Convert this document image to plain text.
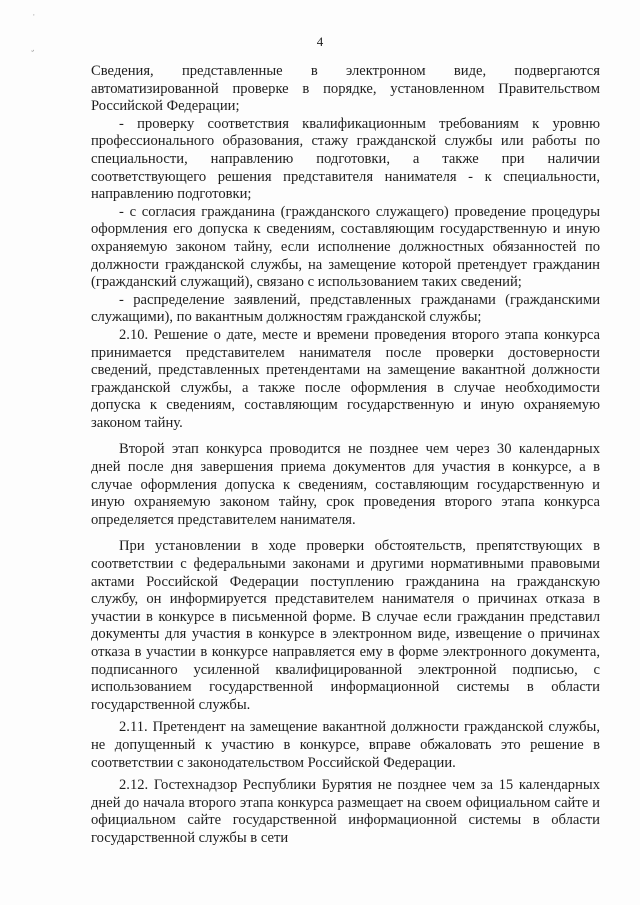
˙
˘
4

Сведения, представленные в электронном виде, подвергаются автоматизированной проверке в порядке, установленном Правительством Российской Федерации;

- проверку соответствия квалификационным требованиям к уровню профессионального образования, стажу гражданской службы или работы по специальности, направлению подготовки, а также при наличии соответствующего решения представителя нанимателя - к специальности, направлению подготовки;

- с согласия гражданина (гражданского служащего) проведение процедуры оформления его допуска к сведениям, составляющим государственную и иную охраняемую законом тайну, если исполнение должностных обязанностей по должности гражданской службы, на замещение которой претендует гражданин (гражданский служащий), связано с использованием таких сведений;

- распределение заявлений, представленных гражданами (гражданскими служащими), по вакантным должностям гражданской службы;

2.10. Решение о дате, месте и времени проведения второго этапа конкурса принимается представителем нанимателя после проверки достоверности сведений, представленных претендентами на замещение вакантной должности гражданской службы, а также после оформления в случае необходимости допуска к сведениям, составляющим государственную и иную охраняемую законом тайну.

Второй этап конкурса проводится не позднее чем через 30 календарных дней после дня завершения приема документов для участия в конкурсе, а в случае оформления допуска к сведениям, составляющим государственную и иную охраняемую законом тайну, срок проведения второго этапа конкурса определяется представителем нанимателя.

При установлении в ходе проверки обстоятельств, препятствующих в соответствии с федеральными законами и другими нормативными правовыми актами Российской Федерации поступлению гражданина на гражданскую службу, он информируется представителем нанимателя о причинах отказа в участии в конкурсе в письменной форме. В случае если гражданин представил документы для участия в конкурсе в электронном виде, извещение о причинах отказа в участии в конкурсе направляется ему в форме электронного документа, подписанного усиленной квалифицированной электронной подписью, с использованием государственной информационной системы в области государственной службы.

2.11. Претендент на замещение вакантной должности гражданской службы, не допущенный к участию в конкурсе, вправе обжаловать это решение в соответствии с законодательством Российской Федерации.

2.12. Гостехнадзор Республики Бурятия не позднее чем за 15 календарных дней до начала второго этапа конкурса размещает на своем официальном сайте и официальном сайте государственной информационной системы в области государственной службы в сети
